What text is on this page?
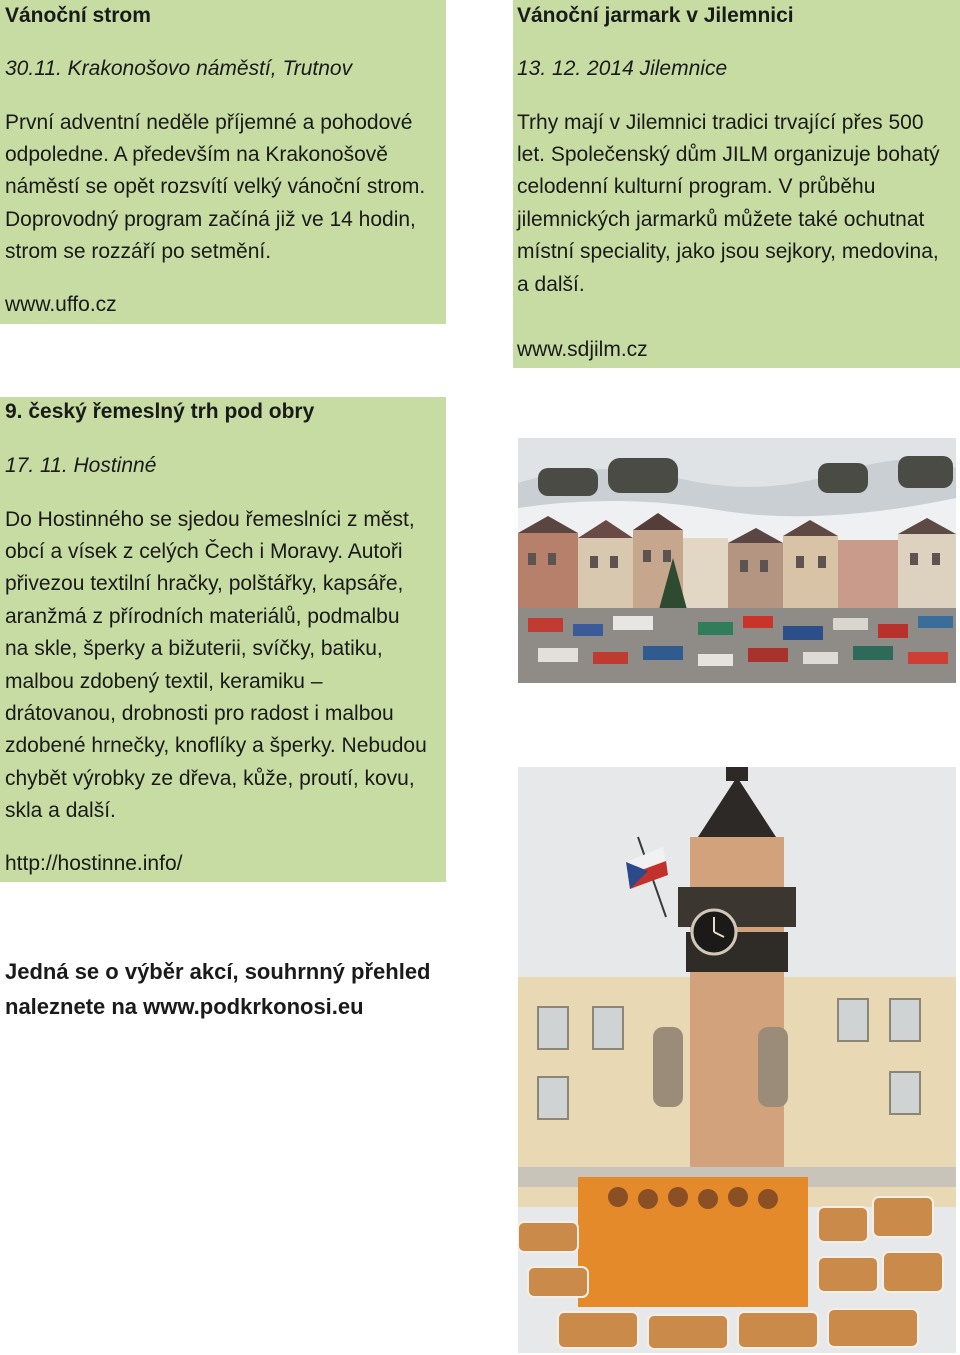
Vánoční strom
30.11. Krakonošovo náměstí, Trutnov
První adventní neděle příjemné a pohodové
odpoledne. A především na Krakonošově
náměstí se opět rozsvítí velký vánoční strom.
Doprovodný program začíná již ve 14 hodin,
strom se rozzáří po setmění.
www.uffo.cz
Vánoční jarmark v Jilemnici
13. 12. 2014 Jilemnice
Trhy mají v Jilemnici tradici trvající přes 500
let. Společenský dům JILM organizuje bohatý
celodenní kulturní program. V průběhu
jilemnických jarmarků můžete také ochutnat
místní speciality, jako jsou sejkory, medovina,
a další.
www.sdjilm.cz
9. český řemeslný trh pod obry
17. 11. Hostinné
Do Hostinného se sjedou řemeslníci z měst,
obcí a vísek z celých Čech i Moravy. Autoři
přivezou textilní hračky, polštářky, kapsáře,
aranžmá z přírodních materiálů, podmalbu
na skle, šperky a bižuterii, svíčky, batiku,
malbou zdobený textil, keramiku –
drátovanou, drobnosti pro radost i malbou
zdobené hrnečky, knoflíky a šperky. Nebudou
chybět výrobky ze dřeva, kůže, proutí, kovu,
skla a další.
http://hostinne.info/
Jedná se o výběr akcí, souhrnný přehled
naleznete na www.podkrkonosi.eu
